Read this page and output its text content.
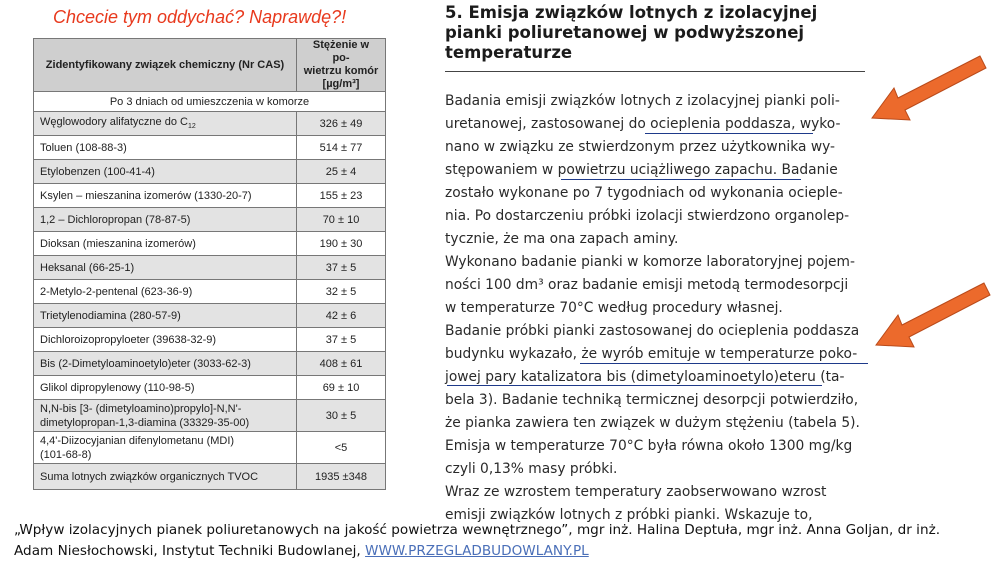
Chcecie tym oddychać? Naprawdę?!
Zidentyfikowany związek chemiczny (Nr CAS)	Stężenie w po-
wietrzu komór
[µg/m³]
Po 3 dniach od umieszczenia w komorze	
Węglowodory alifatyczne do $C_{12}$	326 ± 49
Toluen (108-88-3)	514 ± 77
Etylobenzen (100-41-4)	25 ± 4
Ksylen – mieszanina izomerów (1330-20-7)	155 ± 23
1,2 – Dichloropropan (78-87-5)	70 ± 10
Dioksan (mieszanina izomerów)	190 ± 30
Heksanal (66-25-1)	37 ± 5
2-Metylo-2-pentenal (623-36-9)	32 ± 5
Trietylenodiamina (280-57-9)	42 ± 6
Dichloroizopropyloeter (39638-32-9)	37 ± 5
Bis (2-Dimetyloaminoetylo)eter (3033-62-3)	408 ± 61
Glikol dipropylenowy (110-98-5)	69 ± 10
N,N-bis [3- (dimetyloamino)propylo]-N,N'-
dimetylopropan-1,3-diamina (33329-35-00)	30 ± 5
4,4'-Diizocyjanian difenylometanu (MDI)
(101-68-8)	<5
Suma lotnych związków organicznych TVOC	1935 ±348
5. Emisja związków lotnych z izolacyjnej
pianki poliuretanowej w podwyższonej
temperaturze
Badania emisji związków lotnych z izolacyjnej pianki poli-
uretanowej, zastosowanej do ocieplenia poddasza, wyko-
nano w związku ze stwierdzonym przez użytkownika wy-
stępowaniem w powietrzu uciążliwego zapachu. Badanie
zostało wykonane po 7 tygodniach od wykonania ocieple-
nia. Po dostarczeniu próbki izolacji stwierdzono organolep-
tycznie, że ma ona zapach aminy.
Wykonano badanie pianki w komorze laboratoryjnej pojem-
ności 100 dm³ oraz badanie emisji metodą termodesorpcji
w temperaturze 70°C według procedury własnej.
Badanie próbki pianki zastosowanej do ocieplenia poddasza
budynku wykazało, że wyrób emituje w temperaturze poko-
jowej pary katalizatora bis (dimetyloaminoetylo)eteru (ta-
bela 3). Badanie techniką termicznej desorpcji potwierdziło,
że pianka zawiera ten związek w dużym stężeniu (tabela 5).
Emisja w temperaturze 70°C była równa około 1300 mg/kg
czyli 0,13% masy próbki.
Wraz ze wzrostem temperatury zaobserwowano wzrost
emisji związków lotnych z próbki pianki. Wskazuje to,
„Wpływ izolacyjnych pianek poliuretanowych na jakość powietrza wewnętrznego”, mgr inż. Halina Deptuła, mgr inż. Anna Goljan, dr inż.
Adam Niesłochowski, Instytut Techniki Budowlanej, WWW.PRZEGLADBUDOWLANY.PL
